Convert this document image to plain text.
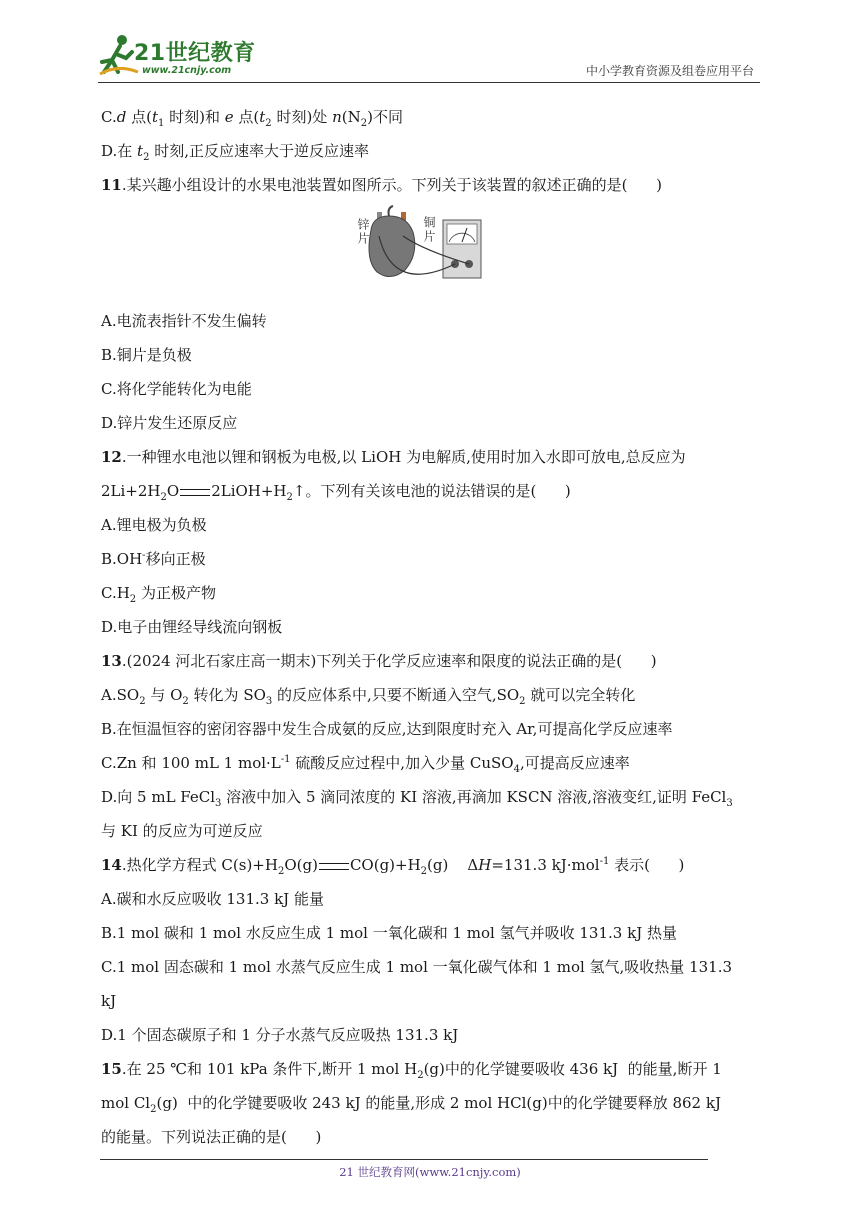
21世纪教育
www.21cnjy.com	中小学教育资源及组卷应用平台
C.d 点($t_1$ 时刻)和 e 点($t_2$ 时刻)处 $n(N_2)$不同
D.在 $t_2$ 时刻,正反应速率大于逆反应速率
11.某兴趣小组设计的水果电池装置如图所示。下列关于该装置的叙述正确的是(      )
锌片	铜片
A.电流表指针不发生偏转
B.铜片是负极
C.将化学能转化为电能
D.锌片发生还原反应
12.一种锂水电池以锂和钢板为电极,以 LiOH 为电解质,使用时加入水即可放电,总反应为
$2Li+2H_2O$ $2LiOH+H_2↑$。下列有关该电池的说法错误的是(      )
A.锂电极为负极
B.OH-移向正极
$C.H_2$ 为正极产物
D.电子由锂经导线流向钢板
13.(2024 河北石家庄高一期末)下列关于化学反应速率和限度的说法正确的是(      )
$A.SO_2$ 与 $O_2$ 转化为 $SO_3$ 的反应体系中,只要不断通入空气$,SO_2$ 就可以完全转化
B.在恒温恒容的密闭容器中发生合成氨的反应,达到限度时充入 Ar,可提高化学反应速率
C.Zn 和 100 mL 1 $mol\cdot L^{-1}$ 硫酸反应过程中,加入少量 CuSO$_4$,可提高反应速率
D.向 5 mL FeCl$_3$ 溶液中加入 5 滴同浓度的 KI 溶液,再滴加 KSCN 溶液,溶液变红,证明 FeCl$_3$
与 KI 的反应为可逆反应
14.热化学方程式 $C(s)+H_2O(g)$ $CO(g)+H_2(g)$    ΔH=131.3 kJ·mol$^{-1}$ 表示(      )
A.碳和水反应吸收 131.3 kJ 能量
B.1 mol 碳和 1 mol 水反应生成 1 mol 一氧化碳和 1 mol 氢气并吸收 131.3 kJ 热量
C.1 mol 固态碳和 1 mol 水蒸气反应生成 1 mol 一氧化碳气体和 1 mol 氢气,吸收热量 131.3
kJ
D.1 个固态碳原子和 1 分子水蒸气反应吸热 131.3 kJ
15.在 25 ℃和 101 kPa 条件下,断开 1 mol $H_2(g)$中的化学键要吸收 436 kJ  的能量,断开 1
mol $Cl_2(g)$  中的化学键要吸收 243 kJ 的能量,形成 2 mol HCl(g)中的化学键要释放 862 kJ
的能量。下列说法正确的是(      )
21 世纪教育网(www.21cnjy.com)
